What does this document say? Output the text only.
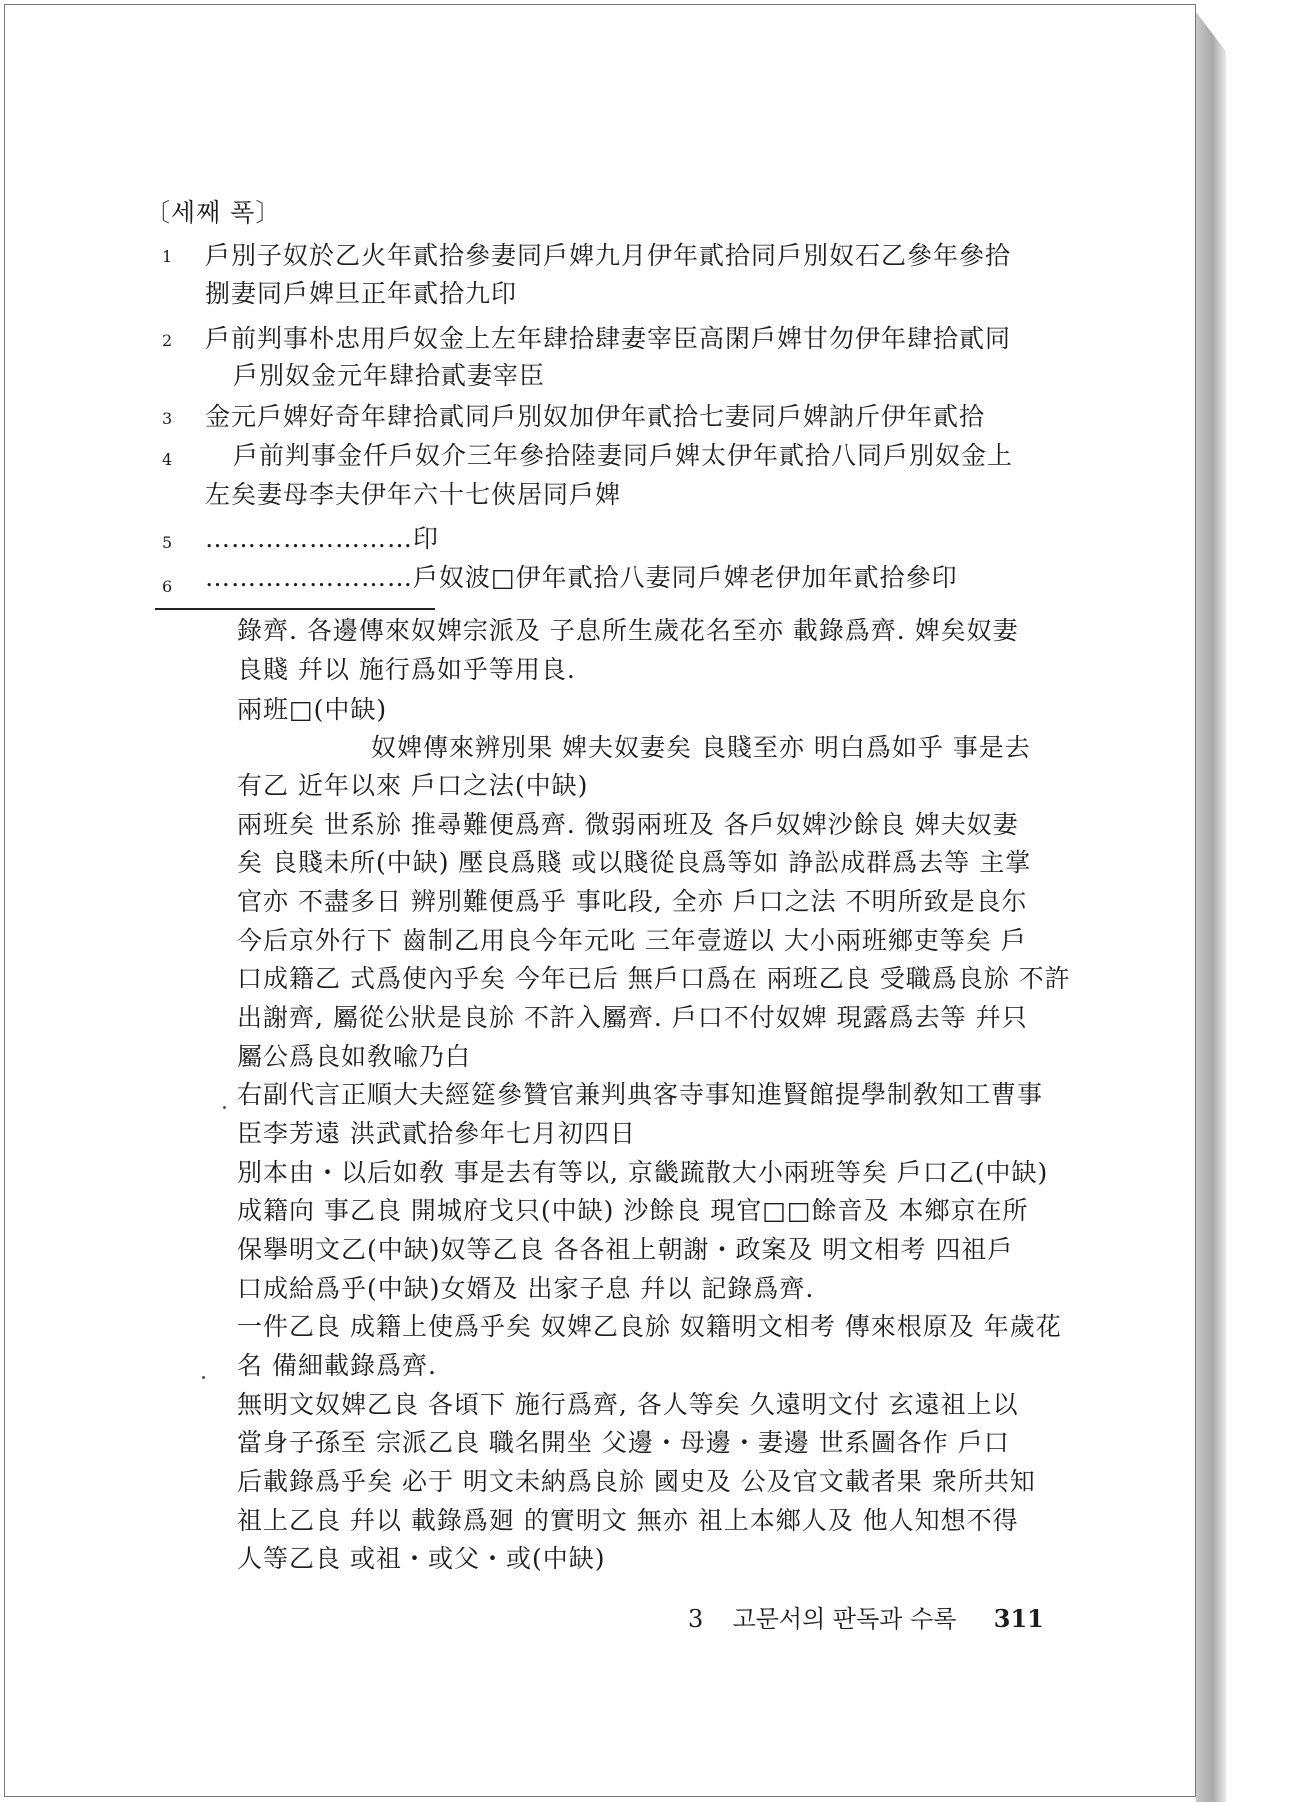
〔세째 폭〕
1 戶別子奴於乙火年貳拾參妻同戶婢九月伊年貳拾同戶別奴石乙參年參拾
捌妻同戶婢旦正年貳拾九印
2 戶前判事朴忠用戶奴金上左年肆拾肆妻宰臣高閑戶婢甘勿伊年肆拾貳同
戶別奴金元年肆拾貳妻宰臣
3 金元戶婢好奇年肆拾貳同戶別奴加伊年貳拾七妻同戶婢訥斤伊年貳拾
4 戶前判事金仟戶奴介三年參拾陸妻同戶婢太伊年貳拾八同戶別奴金上
左矣妻母李夫伊年六十七俠居同戶婢
5 ……………………印
6 ……………………戶奴波□伊年貳拾八妻同戶婢老伊加年貳拾參印
錄齊. 各邊傳來奴婢宗派及 子息所生歲花名至亦 載錄爲齊. 婢矣奴妻
良賤 幷以 施行爲如乎等用良.
兩班□(中缺)
奴婢傳來辨別果 婢夫奴妻矣 良賤至亦 明白爲如乎 事是去
有乙 近年以來 戶口之法(中缺)
兩班矣 世系㫆 推尋難便爲齊. 微弱兩班及 各戶奴婢沙餘良 婢夫奴妻
矣 良賤未所(中缺) 壓良爲賤 或以賤從良爲等如 諍訟成群爲去等 主掌
官亦 不盡多日 辨別難便爲乎 事叱段, 全亦 戶口之法 不明所致是良尓
今后京外行下 齒制乙用良今年元叱 三年壹遊以 大小兩班鄉吏等矣 戶
口成籍乙 式爲使內乎矣 今年已后 無戶口爲在 兩班乙良 受職爲良㫆 不許
出謝齊, 屬從公狀是良㫆 不許入屬齊. 戶口不付奴婢 現露爲去等 幷只
屬公爲良如敎喩乃白
右副代言正順大夫經筵參贊官兼判典客寺事知進賢館提學制敎知工曹事
臣李芳遠 洪武貳拾參年七月初四日
別本由・以后如敎 事是去有等以, 京畿䟽散大小兩班等矣 戶口乙(中缺)
成籍向 事乙良 開城府戈只(中缺) 沙餘良 現官□□餘音及 本鄉京在所
保擧明文乙(中缺)奴等乙良 各各祖上朝謝・政案及 明文相考 四祖戶
口成給爲乎(中缺)女婿及 出家子息 幷以 記錄爲齊.
一件乙良 成籍上使爲乎矣 奴婢乙良㫆 奴籍明文相考 傳來根原及 年歲花
名 備細載錄爲齊.
無明文奴婢乙良 各頃下 施行爲齊, 各人等矣 久遠明文付 玄遠祖上以
當身子孫至 宗派乙良 職名開坐 父邊・母邊・妻邊 世系圖各作 戶口
后載錄爲乎矣 必于 明文未納爲良㫆 國史及 公及官文載者果 衆所共知
祖上乙良 幷以 載錄爲㢠 的實明文 無亦 祖上本鄉人及 他人知想不得
人等乙良 或祖・或父・或(中缺)
3 고문서의 판독과 수록 311
